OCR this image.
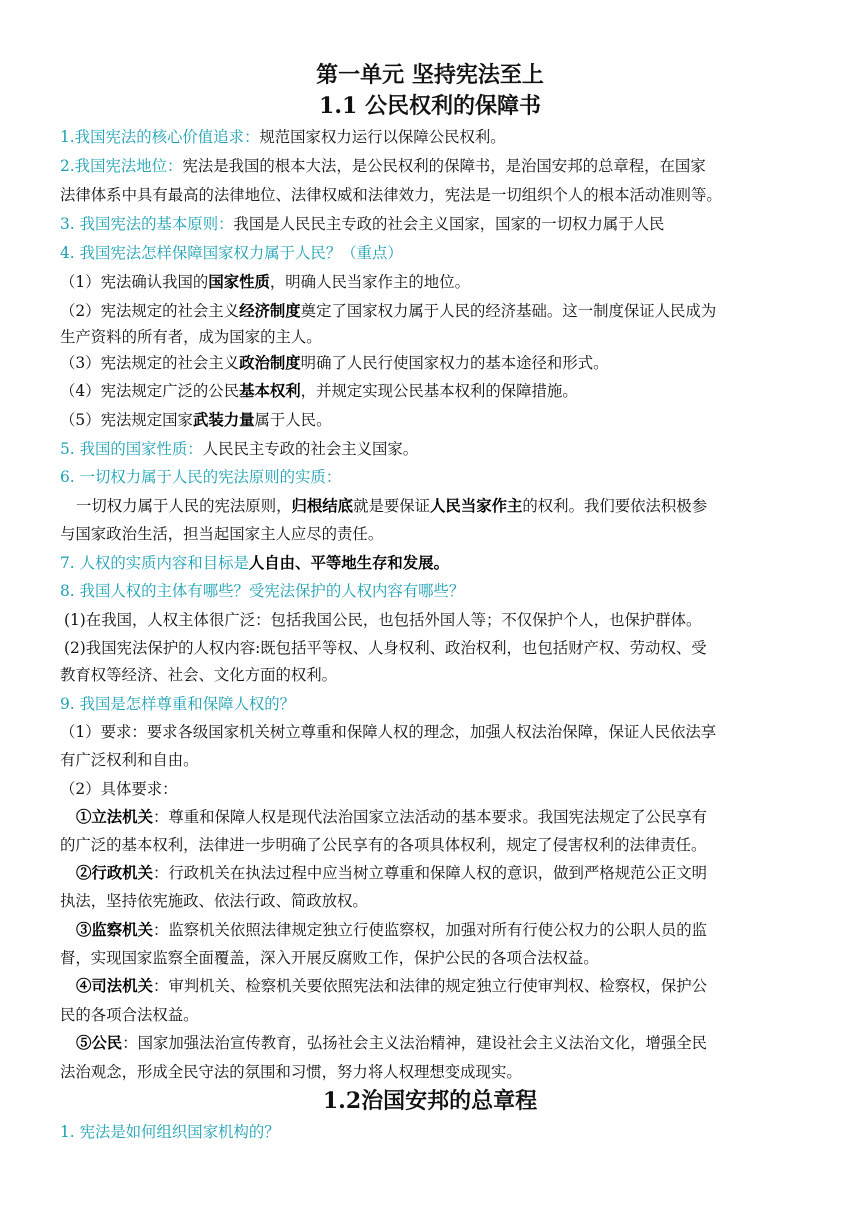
第一单元 坚持宪法至上
1.1 公民权利的保障书
1.我国宪法的核心价值追求：规范国家权力运行以保障公民权利。
2.我国宪法地位：宪法是我国的根本大法，是公民权利的保障书，是治国安邦的总章程，在国家
法律体系中具有最高的法律地位、法律权威和法律效力，宪法是一切组织个人的根本活动准则等。
3. 我国宪法的基本原则：我国是人民民主专政的社会主义国家，国家的一切权力属于人民
4. 我国宪法怎样保障国家权力属于人民？（重点）
（1）宪法确认我国的国家性质，明确人民当家作主的地位。
（2）宪法规定的社会主义经济制度奠定了国家权力属于人民的经济基础。这一制度保证人民成为
生产资料的所有者，成为国家的主人。
（3）宪法规定的社会主义政治制度明确了人民行使国家权力的基本途径和形式。
（4）宪法规定广泛的公民基本权利，并规定实现公民基本权利的保障措施。
（5）宪法规定国家武装力量属于人民。
5. 我国的国家性质：人民民主专政的社会主义国家。
6. 一切权力属于人民的宪法原则的实质：
一切权力属于人民的宪法原则，归根结底就是要保证人民当家作主的权利。我们要依法积极参
与国家政治生活，担当起国家主人应尽的责任。
7. 人权的实质内容和目标是人自由、平等地生存和发展。
8. 我国人权的主体有哪些？受宪法保护的人权内容有哪些？
(1)在我国，人权主体很广泛：包括我国公民，也包括外国人等；不仅保护个人，也保护群体。
(2)我国宪法保护的人权内容:既包括平等权、人身权利、政治权利，也包括财产权、劳动权、受
教育权等经济、社会、文化方面的权利。
9. 我国是怎样尊重和保障人权的？
（1）要求：要求各级国家机关树立尊重和保障人权的理念，加强人权法治保障，保证人民依法享
有广泛权利和自由。
（2）具体要求：
①立法机关：尊重和保障人权是现代法治国家立法活动的基本要求。我国宪法规定了公民享有
的广泛的基本权利，法律进一步明确了公民享有的各项具体权利，规定了侵害权利的法律责任。
②行政机关：行政机关在执法过程中应当树立尊重和保障人权的意识，做到严格规范公正文明
执法，坚持依宪施政、依法行政、简政放权。
③监察机关：监察机关依照法律规定独立行使监察权，加强对所有行使公权力的公职人员的监
督，实现国家监察全面覆盖，深入开展反腐败工作，保护公民的各项合法权益。
④司法机关：审判机关、检察机关要依照宪法和法律的规定独立行使审判权、检察权，保护公
民的各项合法权益。
⑤公民：国家加强法治宣传教育，弘扬社会主义法治精神，建设社会主义法治文化，增强全民
法治观念，形成全民守法的氛围和习惯，努力将人权理想变成现实。
1.2治国安邦的总章程
1. 宪法是如何组织国家机构的？
